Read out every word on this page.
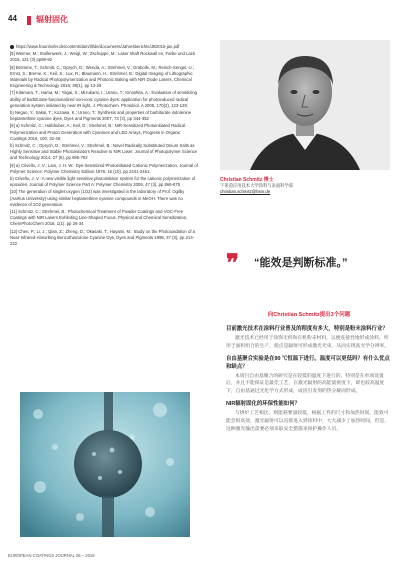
44 辐射固化
https://www.fraunhofer.de/content/dam/ilt/de/documents/Jahresberichte/JB2015-jan.pdf
[5] Weimer, M.; Stollenwerk, J.; Weigl, W.; Zschuppe, M.: Laser shaft Rockwall en, Farbe und Lack 2015, 121 (3) pp89-92
[6] Brömme, T.; Schmitt, C.; Oprych, D.; Wenda, A.; Strehmel, V.; Grabolle, M.; Reisch-Sengel, U.; Ernst, S.; Breme, K.; Keil, S.; Lux, R.; Blaumann, H.; Strehmel, B.: Digital Imaging of Lithographic Materials by Radical Photopolymerization and Photonic Baking with NIR Diode Lasers, Chemical Engineering & Technology 2016, 39(1), pp 13-25
[7] Kitamura, T.; Hama, M.; Yagai, S.; Mizukami, I.; Urano, T.; Kinoshita, A.: Evaluation of sensitizing ability of barbiturate-functionalized non-ionic cyanine dyes: application for photoinduced radical generation system initiated by near IR light, J. Photochem. Photobiol. A 2005, 170(2), 123-129;
b) Negao, Y.; Sakai, T.; Kozawa, K.; Urano, T.: Synthesis and properties of barbiturate indolenine heptamethine cyanine dyes, Dyes and Pigments 2007, 73 (3), pp 344-352
[8] a) Schmitz, C.; Halbhuber, A.; Keil, D.; Strehmel, B.: NIR-Sensitized Photoinitiated Radical Polymerization and Proton Generation with Cyanines and LED Arrays, Progress in Organic Coatings 2016, 100, 32-46;
b) Schmitz, C.; Oprych, D.; Strehmel, V.; Strehmel, B.: Novel Radically Substituted Onium Salts as Highly Sensitive and Stable Photoinitiators Reactive to NIR Laser, Journal of Photopolymer Science and Technology 2014, 27 (6), pp 695-702
[9] a) Crivello, J. V.; Lam, J. H. W.: Dye-Sensitized Photoinitiated Cationic Polymerization, Journal of Polymer Science: Polymer Chemistry Edition 1978, 16 (10), pp 2441-2451;
b) Crivello, J. V.: A new visible light sensitive photoinitiator system for the cationic polymerization of epoxides, Journal of Polymer Science Part A: Polymer Chemistry 2009, 47 (3), pp 866-875
[10] The generation of singlet oxygen (1O2) was investigated in the laboratory of Prof. Ogilby (Aarhus University) using similar heptamethine cyanine compounds in MeOH. There was no evidence of 1O2 generation.
[11] Schmitz, C.; Strehmel, B.: Photochemical Treatment of Powder Coatings and VOC-Free Coatings with NIR Lasers Exhibiting Line-Shaped Focus, Physical and Chemical Sensitization, ChemPhotoChem 2016, 1(1), pp 26-34
[12] Chen, P.; Li, J.; Qian, Z.; Zheng, D.; Okasaki, T.; Hayami, M.: Study on the Photooxidation of a Near-Infrared-Absorbing Benzothiazolone Cyanine Dye, Dyes and Pigments 1998, 37 (3), pp 213-222
Christian Schmitz 博士
下莱茵应用技术大学涂料与表面科学部
christian.schmitz@hsnr.de
❞ “能效是判断标准。”
向Christian Schmitz提出3个问题
目前激光技术在涂料行业普及的程度有多大，特别是粉末涂料行业？
激光技术已经用于涂饰无机和有机粉末材料，以便连接性地形成涂料。所用于面积组合的生产，使点是辐射可形成激光光束，从而实现高光学分辨率。
自由基聚合实验是在90 ℃恒温下进行。温度可以更低吗？有什么优点和缺点？
本项目自由基聚合的研究是在较低的温度下进行的，特别是在单项设置后，并且不能保证是最佳工艺，在激光辐射的高能量密度下，即也较高温度下，自由基通过光化学方式形成，成因引发剂的热分解而形成。
NIR辐射固化的环保性能如何？
与烘炉工艺相比，则能耗要量较低，根据工件的尺寸和加热时间，能效可能会很高效，激光辐射可以直接进入到涂料中，大大减少了加热时间，但是，这种激光输出需要必须采取安全措施来保护操作人员。
EUROPEAN COATINGS JOURNAL 06 – 2018
